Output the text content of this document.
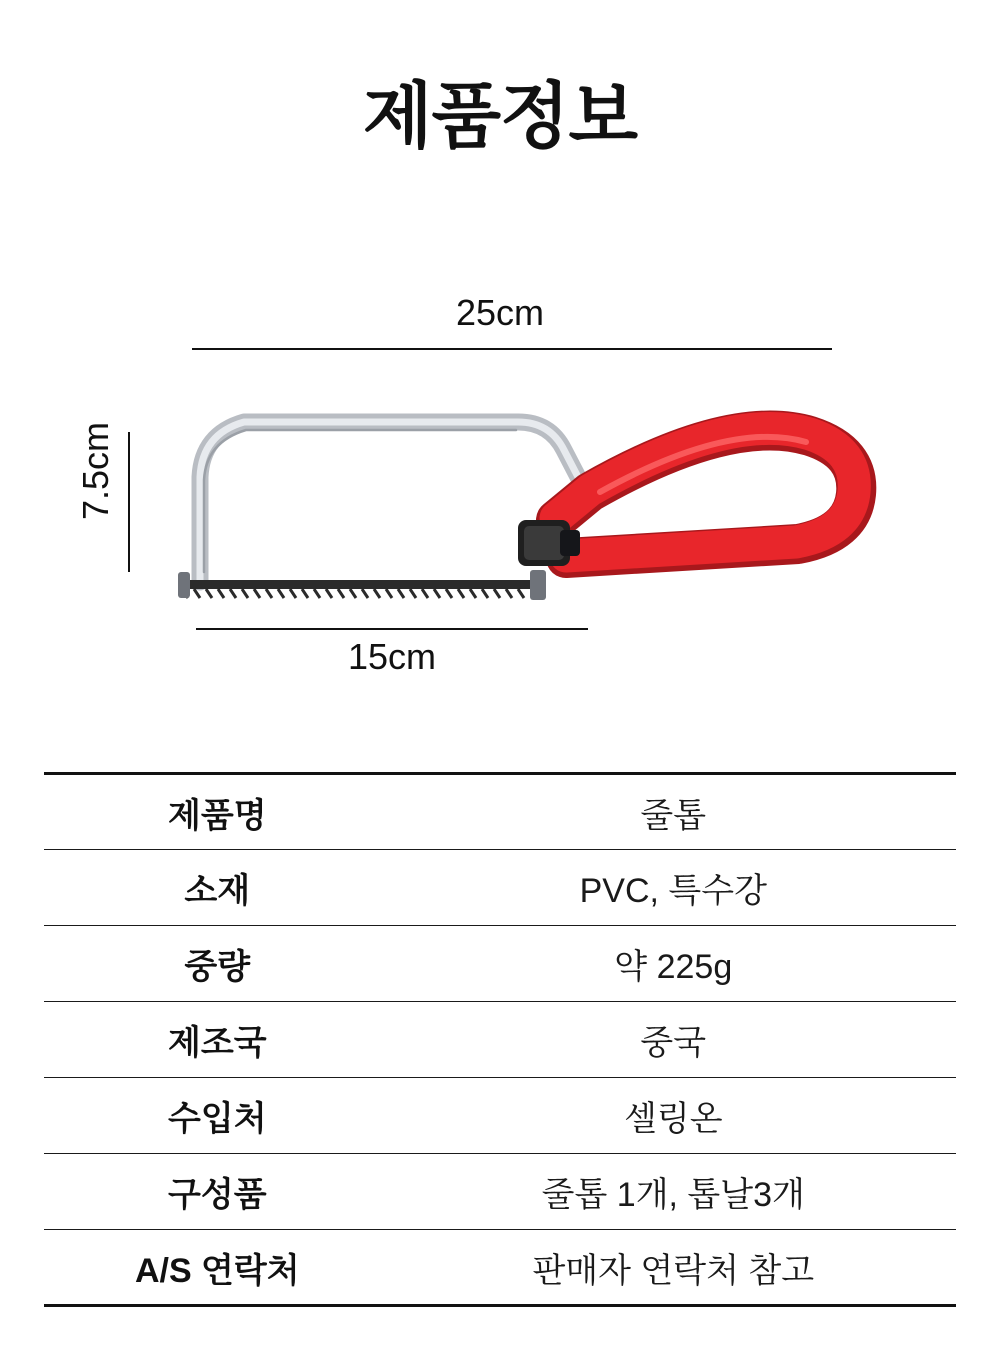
제품정보
25cm
7.5cm
15cm
제품명	줄톱
소재	PVC, 특수강
중량	약 225g
제조국	중국
수입처	셀링온
구성품	줄톱 1개, 톱날3개
A/S 연락처	판매자 연락처 참고
